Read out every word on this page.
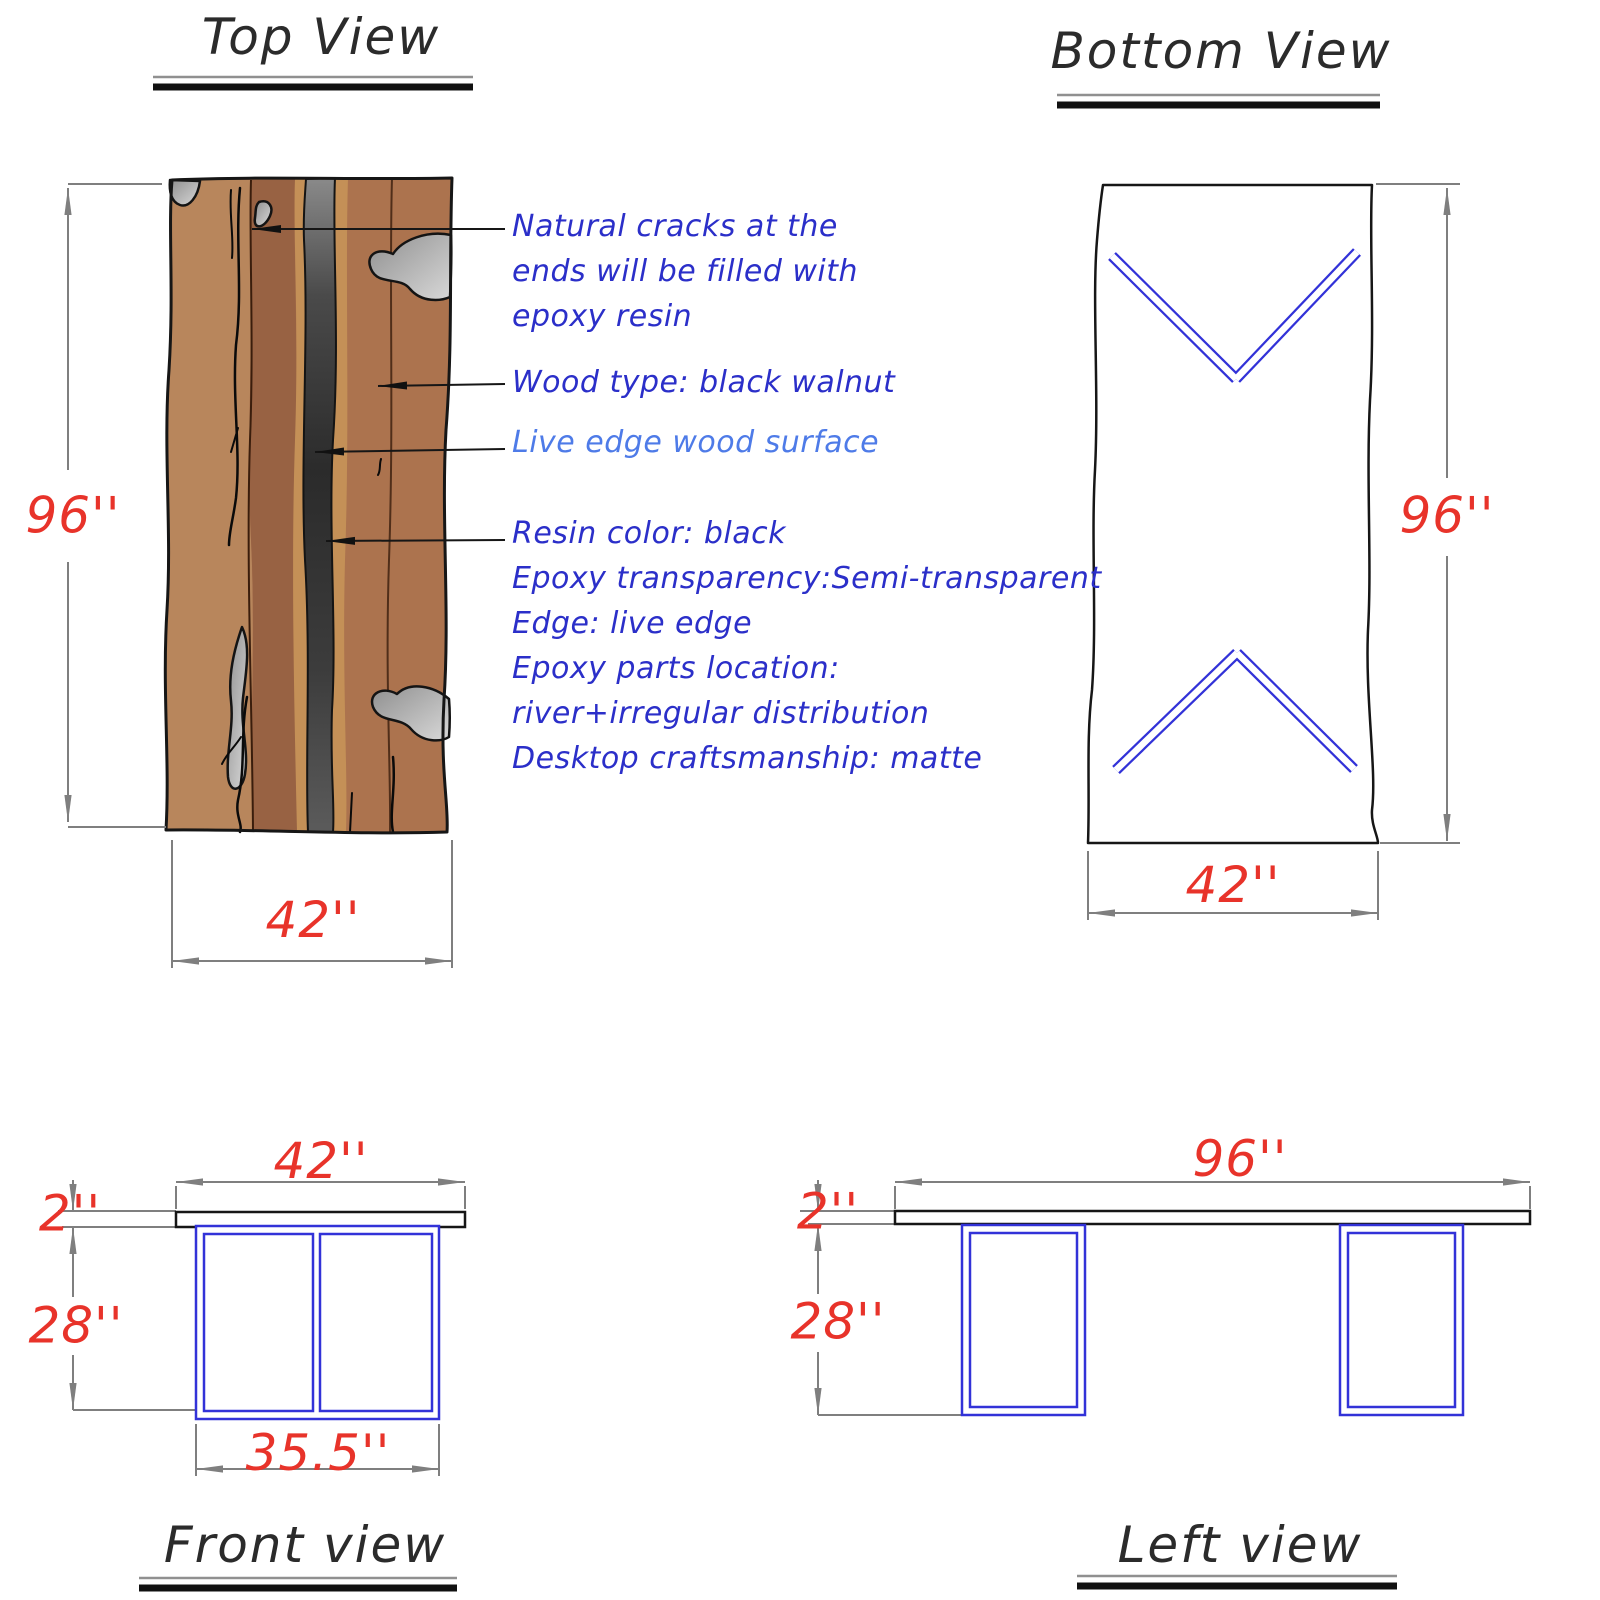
Top View	Bottom View
Front view	Left view
96''
42''
96''
42''
42''
2''
28''
35.5''
96''
2''
28''
Natural cracks at the
ends will be filled with
epoxy resin
Wood type: black walnut
Live edge wood surface
Resin color: black
Epoxy transparency:Semi-transparent
Edge: live edge
Epoxy parts location:
river+irregular distribution
Desktop craftsmanship: matte
